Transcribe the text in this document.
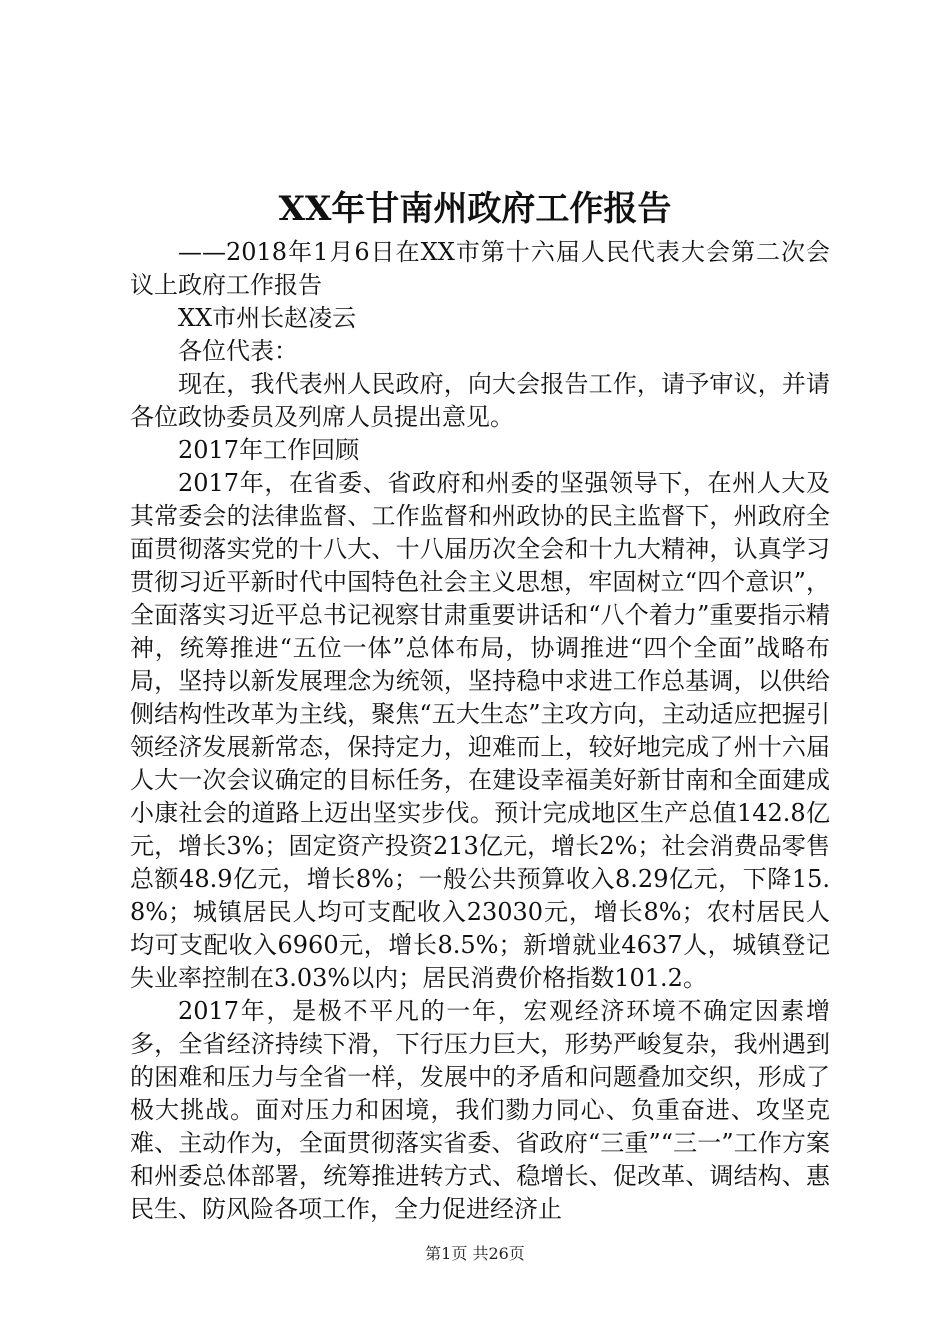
XX年甘南州政府工作报告

——2018年1月6日在XX市第十六届人民代表大会第二次会议上政府工作报告

XX市州长赵凌云

各位代表：

现在，我代表州人民政府，向大会报告工作，请予审议，并请各位政协委员及列席人员提出意见。

2017年工作回顾

2017年，在省委、省政府和州委的坚强领导下，在州人大及其常委会的法律监督、工作监督和州政协的民主监督下，州政府全面贯彻落实党的十八大、十八届历次全会和十九大精神，认真学习贯彻习近平新时代中国特色社会主义思想，牢固树立“四个意识”，全面落实习近平总书记视察甘肃重要讲话和“八个着力”重要指示精神，统筹推进“五位一体”总体布局，协调推进“四个全面”战略布局，坚持以新发展理念为统领，坚持稳中求进工作总基调，以供给侧结构性改革为主线，聚焦“五大生态”主攻方向，主动适应把握引领经济发展新常态，保持定力，迎难而上，较好地完成了州十六届人大一次会议确定的目标任务，在建设幸福美好新甘南和全面建成小康社会的道路上迈出坚实步伐。预计完成地区生产总值142.8亿元，增长3%；固定资产投资213亿元，增长2%；社会消费品零售总额48.9亿元，增长8%；一般公共预算收入8.29亿元，下降15.8%；城镇居民人均可支配收入23030元，增长8%；农村居民人均可支配收入6960元，增长8.5%；新增就业4637人，城镇登记失业率控制在3.03%以内；居民消费价格指数101.2。

2017年，是极不平凡的一年，宏观经济环境不确定因素增多，全省经济持续下滑，下行压力巨大，形势严峻复杂，我州遇到的困难和压力与全省一样，发展中的矛盾和问题叠加交织，形成了极大挑战。面对压力和困境，我们勠力同心、负重奋进、攻坚克难、主动作为，全面贯彻落实省委、省政府“三重”“三一”工作方案和州委总体部署，统筹推进转方式、稳增长、促改革、调结构、惠民生、防风险各项工作，全力促进经济止

第1页 共26页
